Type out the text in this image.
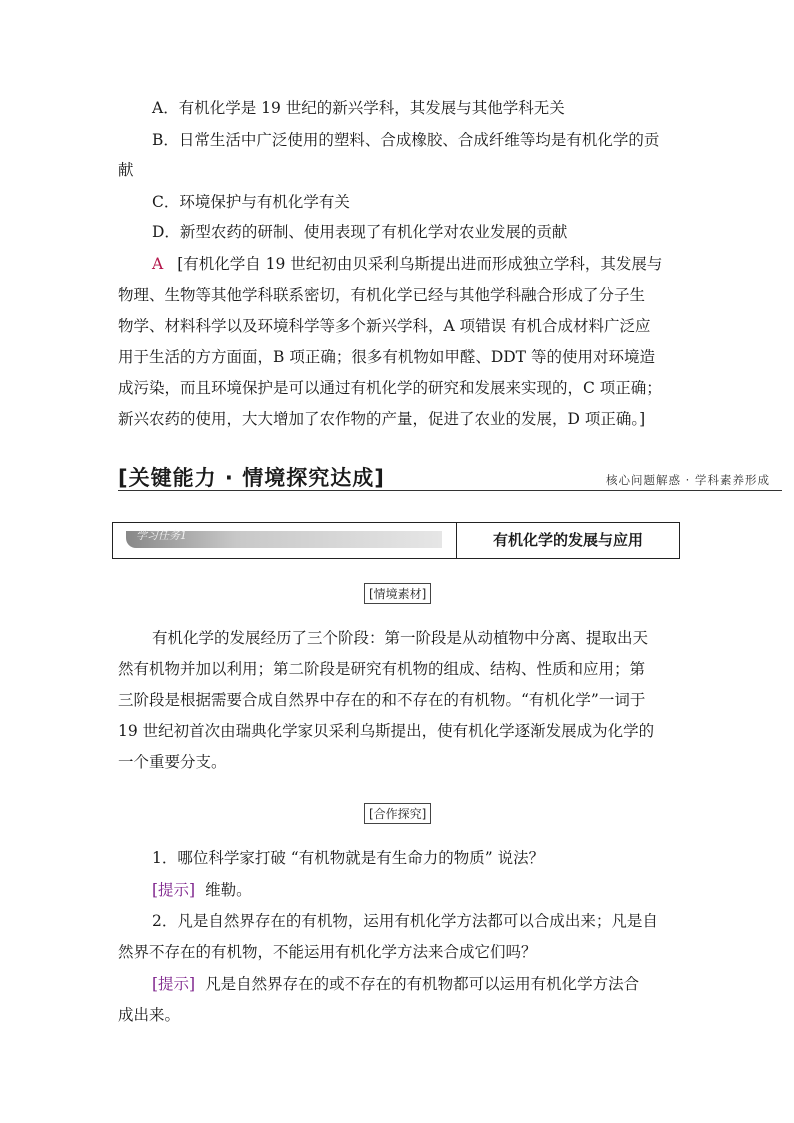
A．有机化学是 19 世纪的新兴学科，其发展与其他学科无关
B．日常生活中广泛使用的塑料、合成橡胶、合成纤维等均是有机化学的贡
献
C．环境保护与有机化学有关
D．新型农药的研制、使用表现了有机化学对农业发展的贡献
A [有机化学自 19 世纪初由贝采利乌斯提出进而形成独立学科，其发展与
物理、生物等其他学科联系密切，有机化学已经与其他学科融合形成了分子生
物学、材料科学以及环境科学等多个新兴学科，A 项错误 有机合成材料广泛应
用于生活的方方面面，B 项正确；很多有机物如甲醛、DDT 等的使用对环境造
成污染，而且环境保护是可以通过有机化学的研究和发展来实现的，C 项正确；
新兴农药的使用，大大增加了农作物的产量，促进了农业的发展，D 项正确。]
[关键能力 · 情境探究达成]	核心问题解惑 · 学科素养形成
学习任务1	有机化学的发展与应用
[情境素材]
有机化学的发展经历了三个阶段：第一阶段是从动植物中分离、提取出天
然有机物并加以利用；第二阶段是研究有机物的组成、结构、性质和应用；第
三阶段是根据需要合成自然界中存在的和不存在的有机物。“有机化学”一词于
19 世纪初首次由瑞典化学家贝采利乌斯提出，使有机化学逐渐发展成为化学的
一个重要分支。
[合作探究]
1．哪位科学家打破 “有机物就是有生命力的物质” 说法？
[提示] 维勒。
2．凡是自然界存在的有机物，运用有机化学方法都可以合成出来；凡是自
然界不存在的有机物，不能运用有机化学方法来合成它们吗？
[提示] 凡是自然界存在的或不存在的有机物都可以运用有机化学方法合
成出来。
